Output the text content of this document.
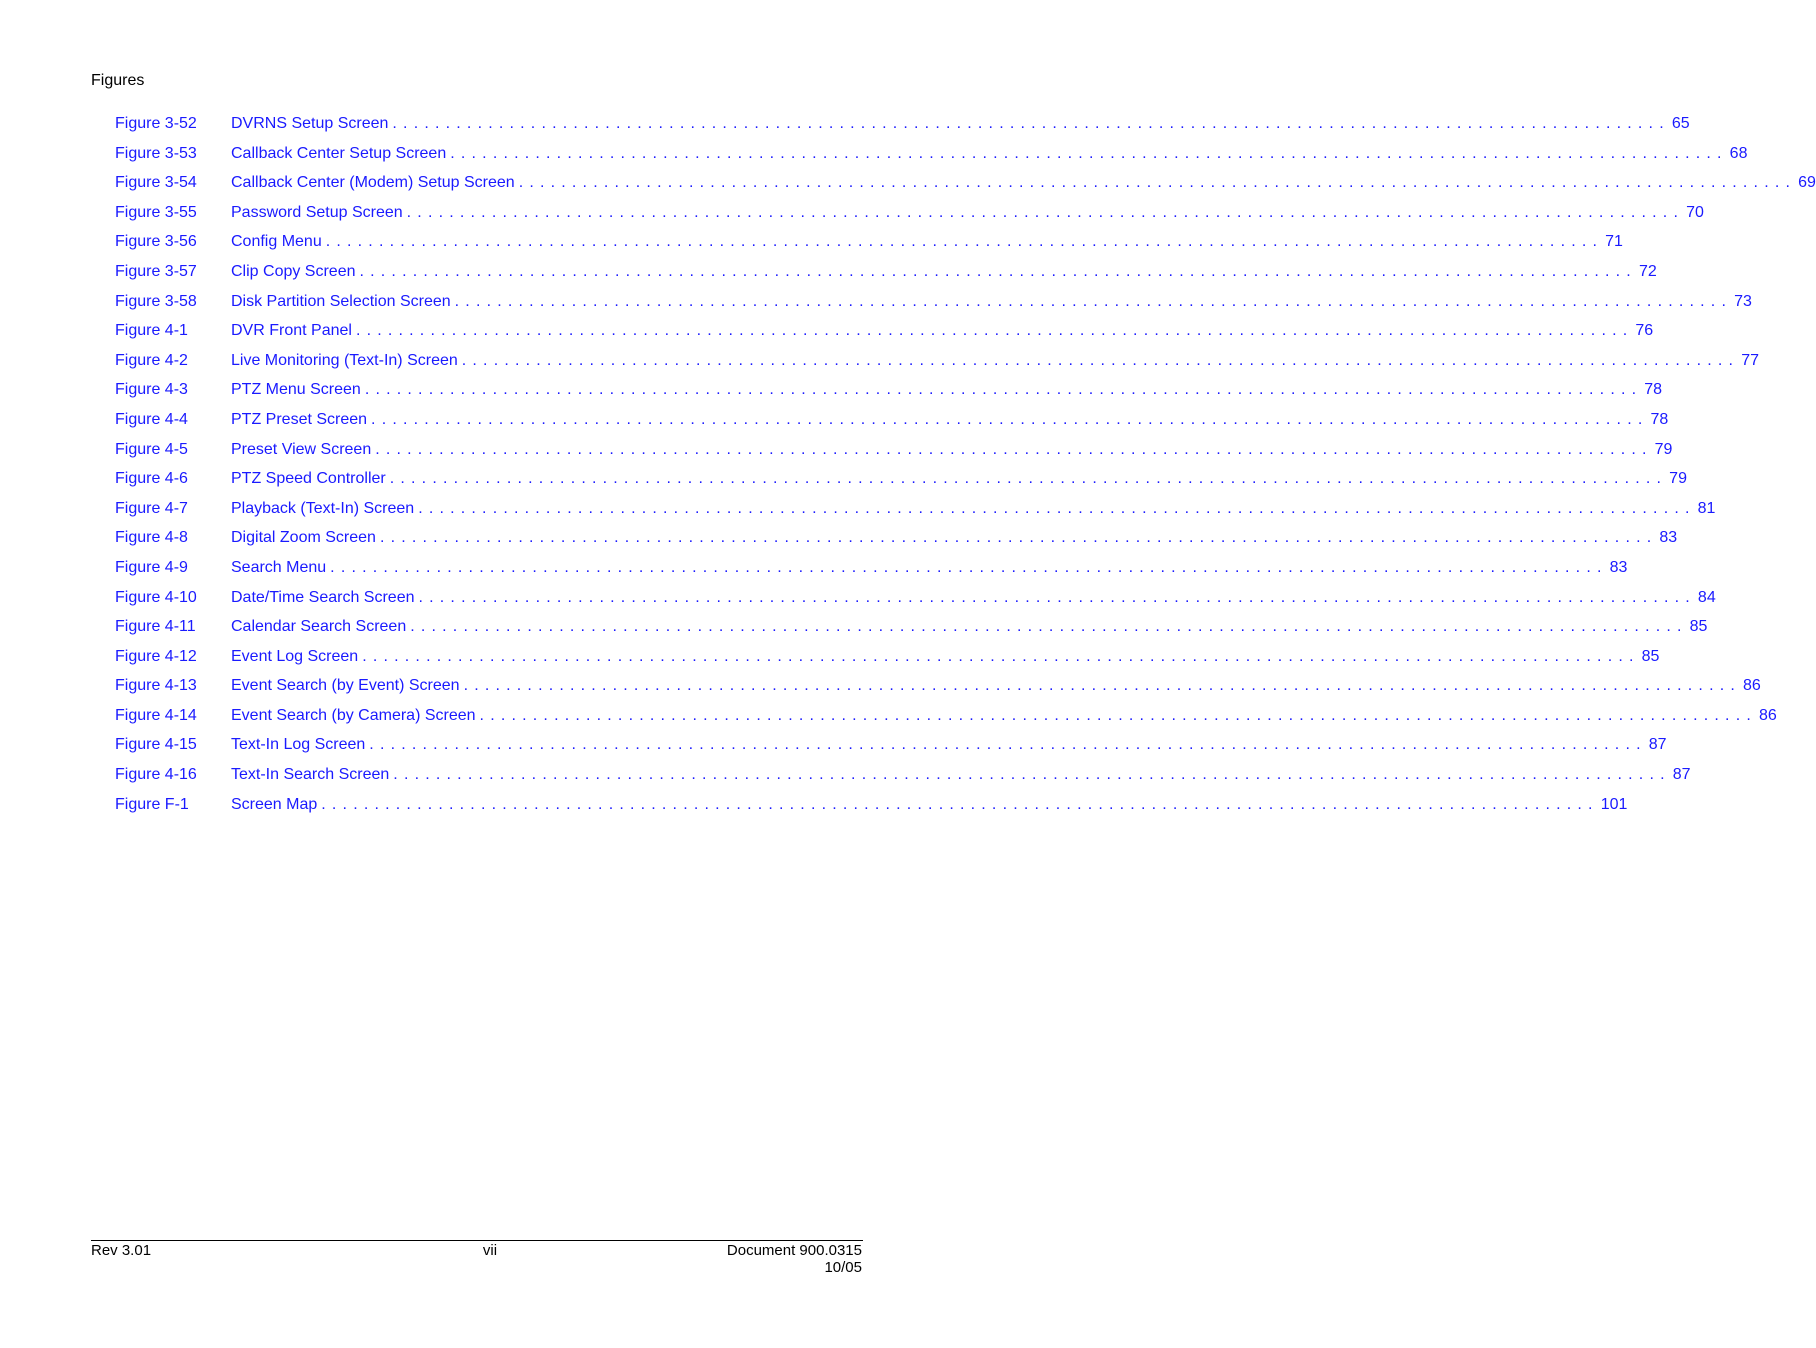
Figures
Figure 3-52	DVRNS Setup Screen ........................................................................................................................ 65
Figure 3-53	Callback Center Setup Screen ........................................................................................................................ 68
Figure 3-54	Callback Center (Modem) Setup Screen ........................................................................................................................ 69
Figure 3-55	Password Setup Screen ........................................................................................................................ 70
Figure 3-56	Config Menu ........................................................................................................................ 71
Figure 3-57	Clip Copy Screen ........................................................................................................................ 72
Figure 3-58	Disk Partition Selection Screen ........................................................................................................................ 73
Figure 4-1	DVR Front Panel ........................................................................................................................ 76
Figure 4-2	Live Monitoring (Text-In) Screen ........................................................................................................................ 77
Figure 4-3	PTZ Menu Screen ........................................................................................................................ 78
Figure 4-4	PTZ Preset Screen ........................................................................................................................ 78
Figure 4-5	Preset View Screen ........................................................................................................................ 79
Figure 4-6	PTZ Speed Controller ........................................................................................................................ 79
Figure 4-7	Playback (Text-In) Screen ........................................................................................................................ 81
Figure 4-8	Digital Zoom Screen ........................................................................................................................ 83
Figure 4-9	Search Menu ........................................................................................................................ 83
Figure 4-10	Date/Time Search Screen ........................................................................................................................ 84
Figure 4-11	Calendar Search Screen ........................................................................................................................ 85
Figure 4-12	Event Log Screen ........................................................................................................................ 85
Figure 4-13	Event Search (by Event) Screen ........................................................................................................................ 86
Figure 4-14	Event Search (by Camera) Screen ........................................................................................................................ 86
Figure 4-15	Text-In Log Screen ........................................................................................................................ 87
Figure 4-16	Text-In Search Screen ........................................................................................................................ 87
Figure F-1	Screen Map ........................................................................................................................ 101
Rev 3.01	vii	Document 900.0315
10/05
